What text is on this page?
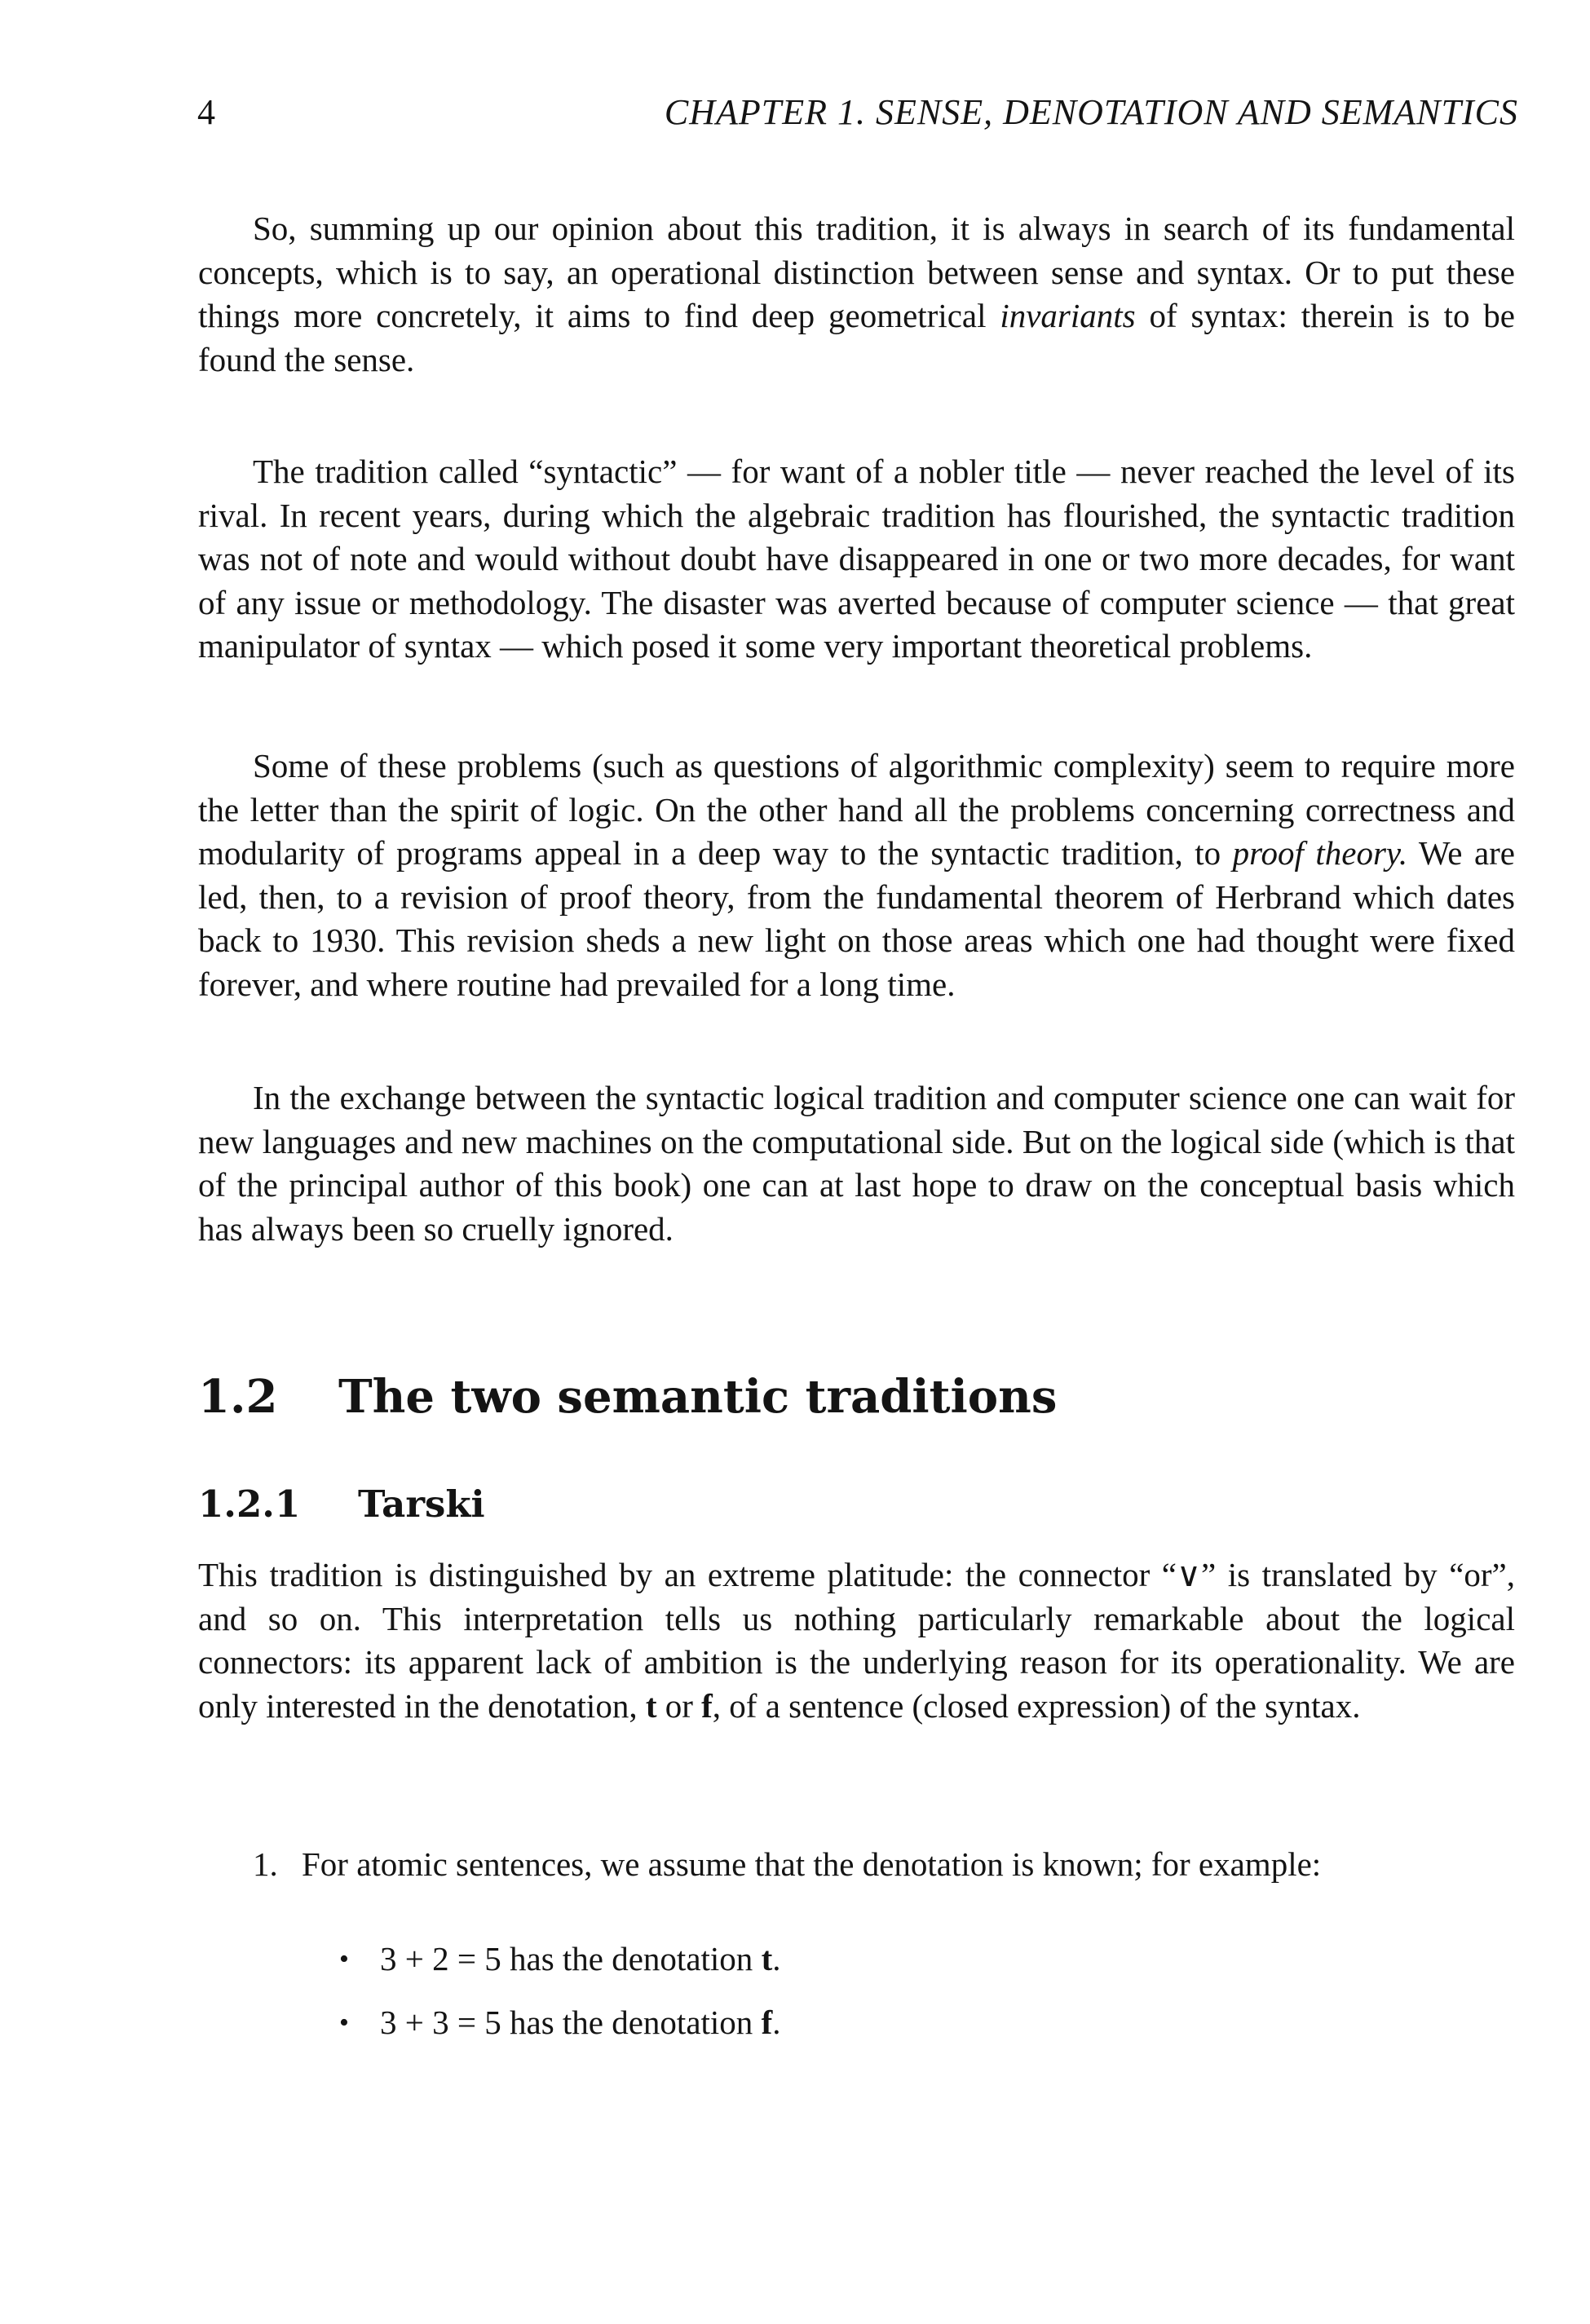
4	CHAPTER 1. SENSE, DENOTATION AND SEMANTICS

So, summing up our opinion about this tradition, it is always in search of its fundamental concepts, which is to say, an operational distinction between sense and syntax. Or to put these things more concretely, it aims to find deep geometrical invariants of syntax: therein is to be found the sense.

The tradition called “syntactic” — for want of a nobler title — never reached the level of its rival. In recent years, during which the algebraic tradition has flourished, the syntactic tradition was not of note and would without doubt have disappeared in one or two more decades, for want of any issue or methodology. The disaster was averted because of computer science — that great manipulator of syntax — which posed it some very important theoretical problems.

Some of these problems (such as questions of algorithmic complexity) seem to require more the letter than the spirit of logic. On the other hand all the problems concerning correctness and modularity of programs appeal in a deep way to the syntactic tradition, to proof theory. We are led, then, to a revision of proof theory, from the fundamental theorem of Herbrand which dates back to 1930. This revision sheds a new light on those areas which one had thought were fixed forever, and where routine had prevailed for a long time.

In the exchange between the syntactic logical tradition and computer science one can wait for new languages and new machines on the computational side. But on the logical side (which is that of the principal author of this book) one can at last hope to draw on the conceptual basis which has always been so cruelly ignored.

1.2 The two semantic traditions
1.2.1 Tarski

This tradition is distinguished by an extreme platitude: the connector “∨” is translated by “or”, and so on. This interpretation tells us nothing particularly remarkable about the logical connectors: its apparent lack of ambition is the underlying reason for its operationality. We are only interested in the denotation, t or f, of a sentence (closed expression) of the syntax.

1. For atomic sentences, we assume that the denotation is known; for example:
• 3 + 2 = 5 has the denotation t.
• 3 + 3 = 5 has the denotation f.
